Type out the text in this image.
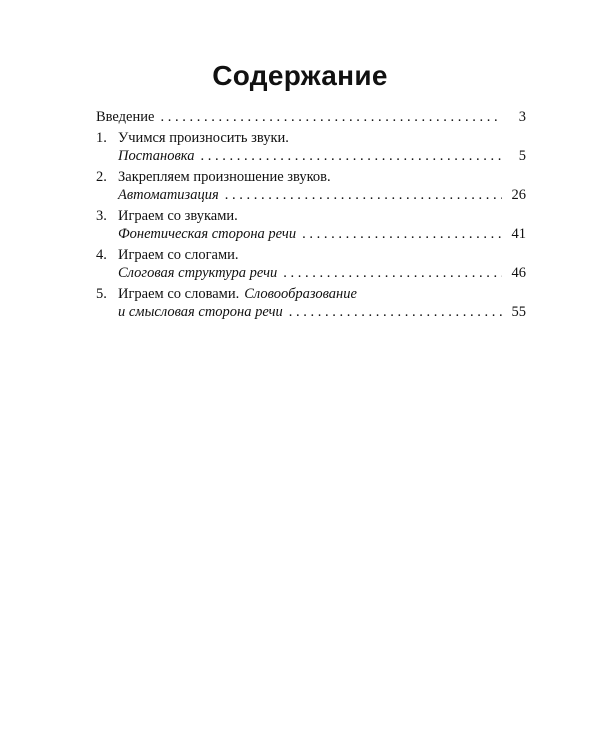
Содержание
Введение . . .	3
1. Учимся произносить звуки.
Постановка . . .	5
2. Закрепляем произношение звуков.
Автоматизация . . .	26
3. Играем со звуками.
Фонетическая сторона речи . . .	41
4. Играем со слогами.
Слоговая структура речи . . .	46
5. Играем со словами. Словообразование
и смысловая сторона речи . . .	55
